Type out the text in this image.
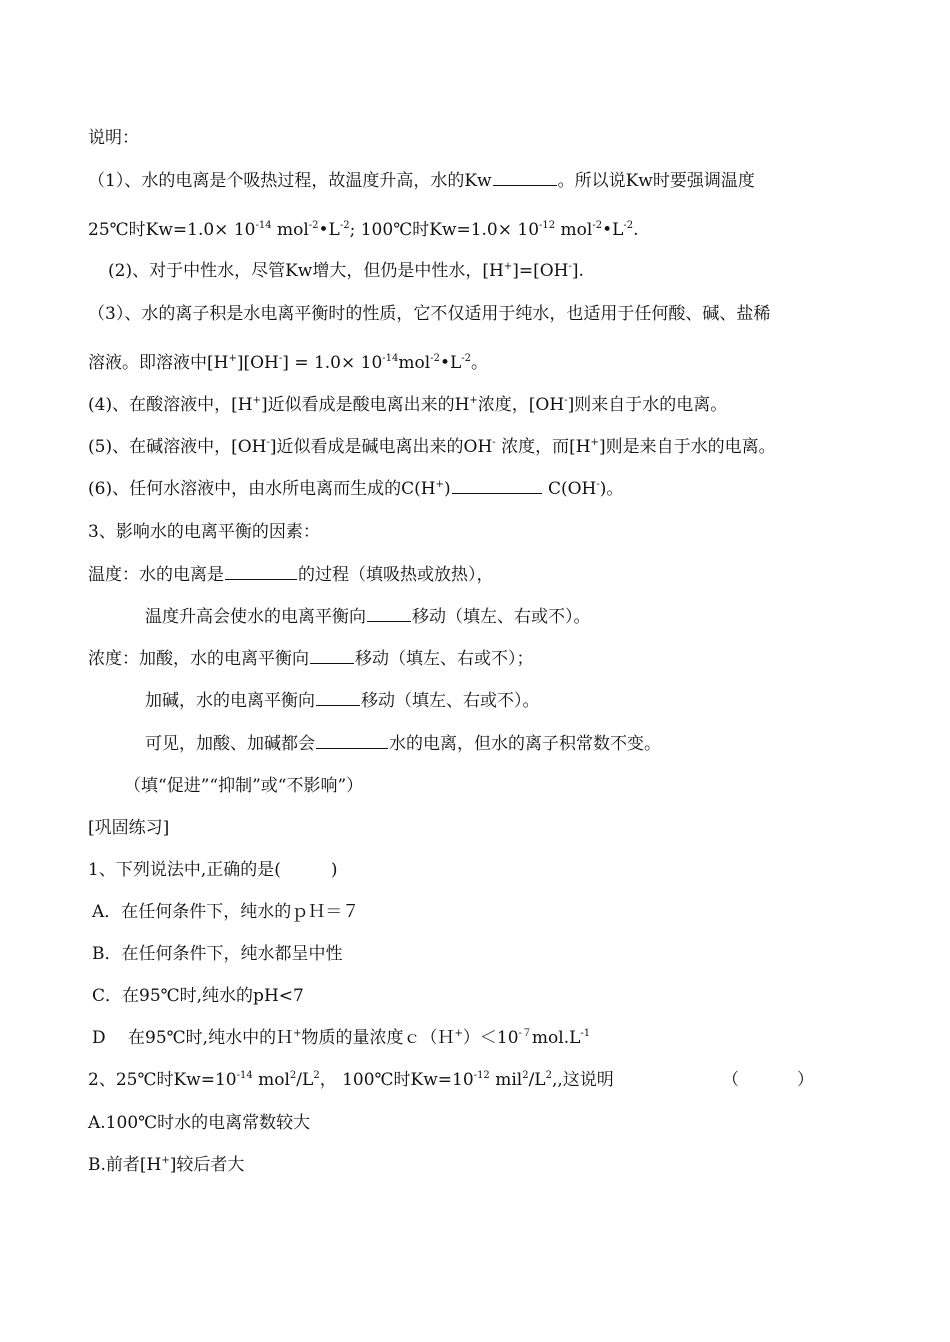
说明：
（1）、水的电离是个吸热过程，故温度升高，水的Kw	。所以说Kw时要强调温度
25℃时$Kw=1.0\times 10^{-14}$ $mol^{-2}•L^{-2}$; 100℃时$Kw=1.0\times 10^{-12}$ $mol^{-2}•L^{-2}$.
(2)、对于中性水，尽管Kw增大，但仍是中性水，[H+]=[OH-].
（3）、水的离子积是水电离平衡时的性质，它不仅适用于纯水，也适用于任何酸、碱、盐稀
溶液。即溶液中$[H^+][OH^-] = 1.0\times 10^{-14}mol^{-2}•L^{-2}$。
(4)、在酸溶液中，[H+]近似看成是酸电离出来的H+浓度，[OH-]则来自于水的电离。
(5)、在碱溶液中，[OH-]近似看成是碱电离出来的OH- 浓度，而[H+]则是来自于水的电离。
(6)、任何水溶液中，由水所电离而生成的C(H+)	C(OH-)。
3、影响水的电离平衡的因素：
温度：水的电离是	的过程（填吸热或放热），
温度升高会使水的电离平衡向	移动（填左、右或不）。
浓度：加酸，水的电离平衡向	移动（填左、右或不）；
加碱，水的电离平衡向	移动（填左、右或不）。
可见，加酸、加碱都会	水的电离，但水的离子积常数不变。
（填“促进”“抑制”或“不影响”）
[巩固练习]
1、下列说法中,正确的是(	)
A．在任何条件下，纯水的ｐＨ＝７
B．在任何条件下，纯水都呈中性
C．在95℃时,纯水的pH<7
D　 在95℃时,纯水中的Ｈ+物质的量浓度$c(H^+)<10^{-7}mol.L^{-1}$
2、25℃时$Kw=10^{-14}$ $mol^2/L^2$， 100℃时$Kw=10^{-12}$ $mil^2/L^2$,,这说明	（	）
A.100℃时水的电离常数较大
B.前者[H+]较后者大
